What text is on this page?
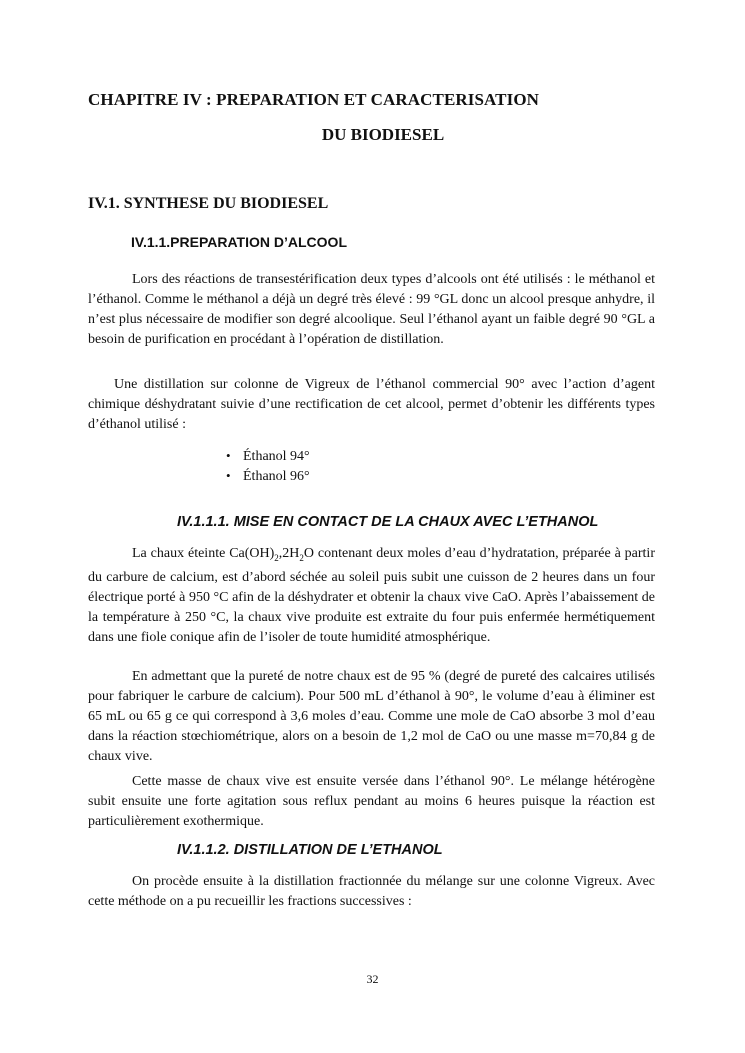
CHAPITRE IV : PREPARATION ET CARACTERISATION
DU BIODIESEL
IV.1. SYNTHESE DU BIODIESEL
IV.1.1.PREPARATION D’ALCOOL

Lors des réactions de transestérification deux types d’alcools ont été utilisés : le méthanol et l’éthanol. Comme le méthanol a déjà un degré très élevé : 99 °GL donc un alcool presque anhydre, il n’est plus nécessaire de modifier son degré alcoolique. Seul l’éthanol ayant un faible degré 90 °GL a besoin de purification en procédant à l’opération de distillation.

Une distillation sur colonne de Vigreux de l’éthanol commercial 90° avec l’action d’agent chimique déshydratant suivie d’une rectification de cet alcool, permet d’obtenir les différents types d’éthanol utilisé :

• Éthanol 94°
• Éthanol 96°
IV.1.1.1. MISE EN CONTACT DE LA CHAUX AVEC L’ETHANOL

La chaux éteinte $Ca(OH)_2,2H_2O$ contenant deux moles d’eau d’hydratation, préparée à partir du carbure de calcium, est d’abord séchée au soleil puis subit une cuisson de 2 heures dans un four électrique porté à 950 °C afin de la déshydrater et obtenir la chaux vive CaO. Après l’abaissement de la température à 250 °C, la chaux vive produite est extraite du four puis enfermée hermétiquement dans une fiole conique afin de l’isoler de toute humidité atmosphérique.

En admettant que la pureté de notre chaux est de 95 % (degré de pureté des calcaires utilisés pour fabriquer le carbure de calcium). Pour 500 mL d’éthanol à 90°, le volume d’eau à éliminer est 65 mL ou 65 g ce qui correspond à 3,6 moles d’eau. Comme une mole de CaO absorbe 3 mol d’eau dans la réaction stœchiométrique, alors on a besoin de 1,2 mol de CaO ou une masse m=70,84 g de chaux vive.

Cette masse de chaux vive est ensuite versée dans l’éthanol 90°. Le mélange hétérogène subit ensuite une forte agitation sous reflux pendant au moins 6 heures puisque la réaction est particulièrement exothermique.

IV.1.1.2. DISTILLATION DE L’ETHANOL

On procède ensuite à la distillation fractionnée du mélange sur une colonne Vigreux. Avec cette méthode on a pu recueillir les fractions successives :

32
